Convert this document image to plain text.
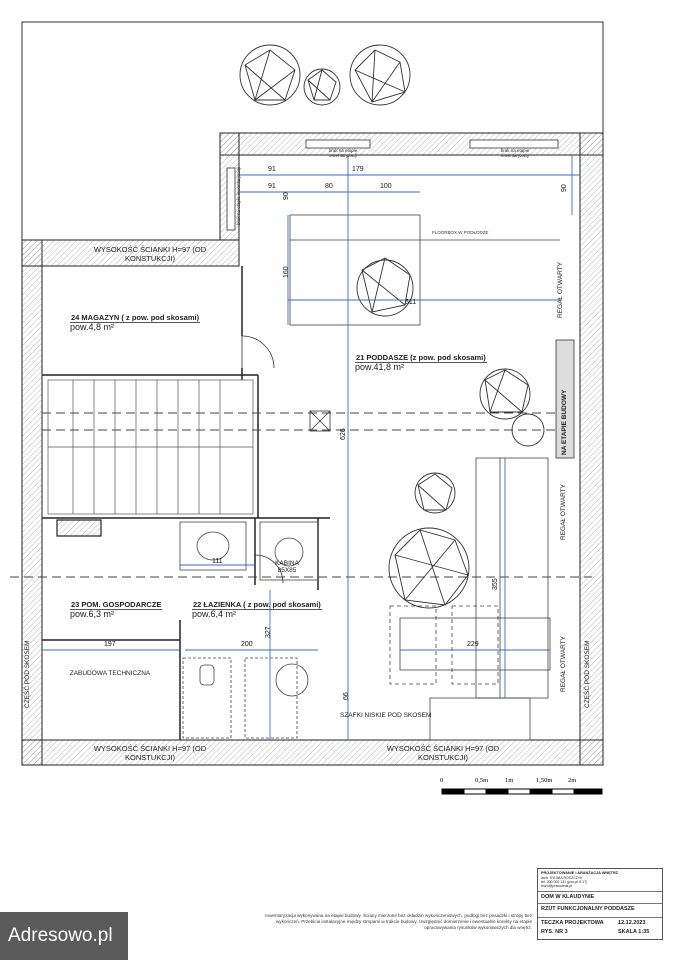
24 MAGAZYN ( z pow. pod skosami)
pow.4,8 m²
21 PODDASZE (z pow. pod skosami)
pow.41,8 m²
23 POM. GOSPODARCZE
pow.6,3 m²
22 ŁAZIENKA ( z pow. pod skosami)
pow.6,4 m²
WYSOKOŚĆ ŚCIANKI H=97 (OD KONSTUKCJI)
WYSOKOŚĆ ŚCIANKI H=97 (OD KONSTUKCJI)
WYSOKOŚĆ ŚCIANKI H=97 (OD KONSTUKCJI)
CZĘŚĆ POD SKOSEM	CZĘŚĆ POD SKOSEM
REGAŁ OTWARTY
REGAŁ OTWARTY
REGAŁ OTWARTY
NA ETAPIE BUDOWY
ZABUDOWA TECHNICZNA
SZAFKI NISKIE POD SKOSEM
KABINA 85X85
FLOORBOX W PODŁODZE
brak na etapie inwentaryzacji
brak na etapie inwentaryzacji
brak na etapie inwentaryzacji	91	179
91	80	100
90
90
160
511
626
111
327
355
197	200	229
66
0	0,5m	1m	1,50m 2m
Inwentaryzacja wykonywana na etapie budowy. Ściany mierzone bez okładzin wykończeniowych, podłogi bez posadzki i stropy bez wykończeń. Przebicia instalacyjne między stropami w trakcie budowy. Uwzględnić domierzenie i ewentualne korekty na etapie opracowywania rysunków wykonawczych dla wnętrz.
PROJEKTOWANIE I ARANŻACJA WNĘTRZ
arch. SYLWIA ROSZCZYK
tel. 000 000 131 (pon-pt 9-17)
biuro@pracownia.pl
DOM W KLAUDYNIE
RZUT FUNKCJONALNY PODDASZE
TECZKA PROJEKTOWA	12.12.2023
RYS. NR 3	SKALA 1:35
Adresowo.pl
